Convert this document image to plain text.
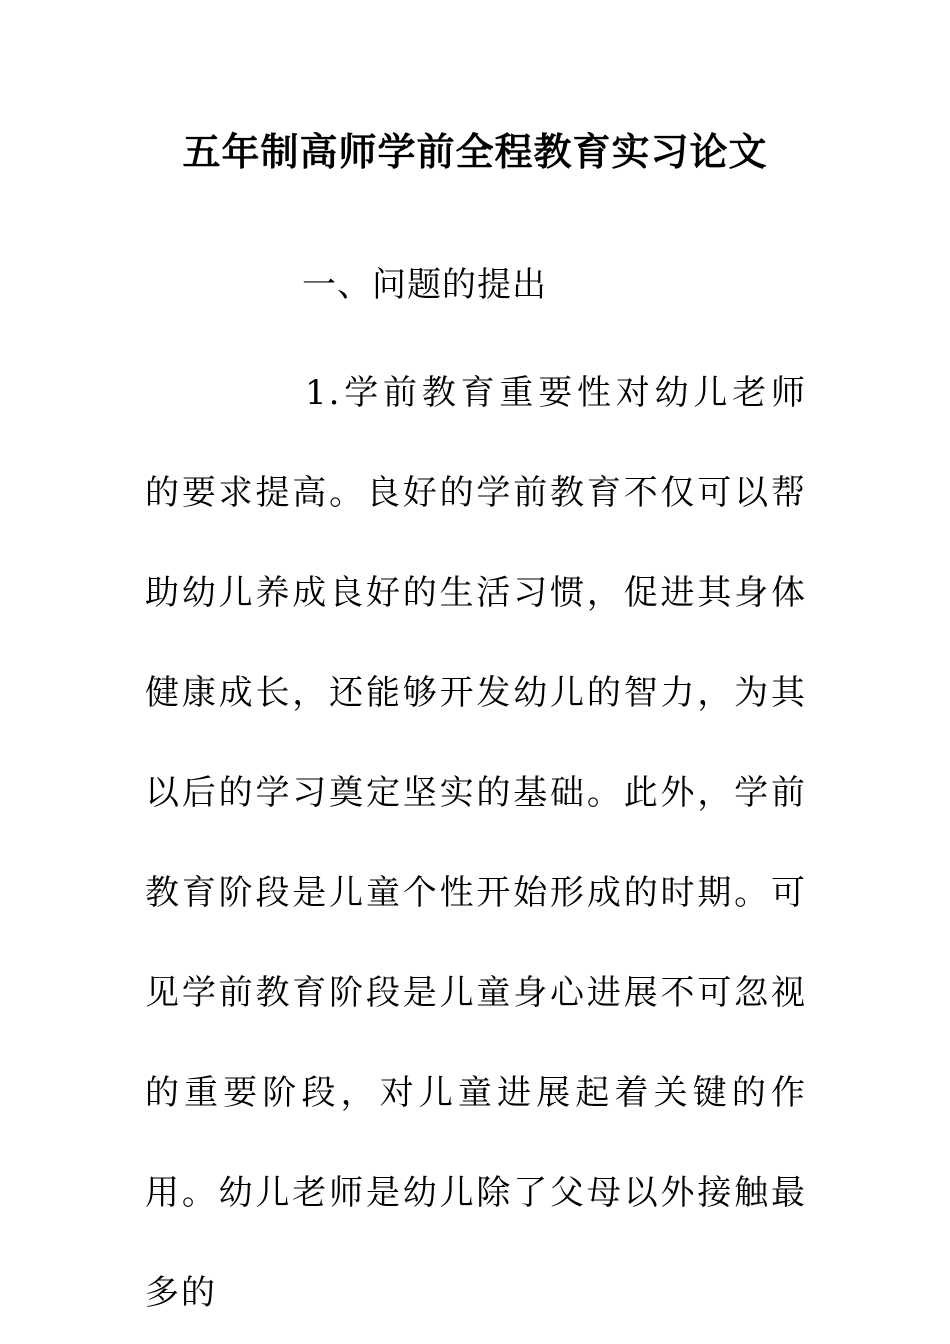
五年制高师学前全程教育实习论文
一、问题的提出
1.学前教育重要性对幼儿老师的要求提高。良好的学前教育不仅可以帮助幼儿养成良好的生活习惯，促进其身体健康成长，还能够开发幼儿的智力，为其以后的学习奠定坚实的基础。此外，学前教育阶段是儿童个性开始形成的时期。可见学前教育阶段是儿童身心进展不可忽视的重要阶段，对儿童进展起着关键的作用。幼儿老师是幼儿除了父母以外接触最多的
